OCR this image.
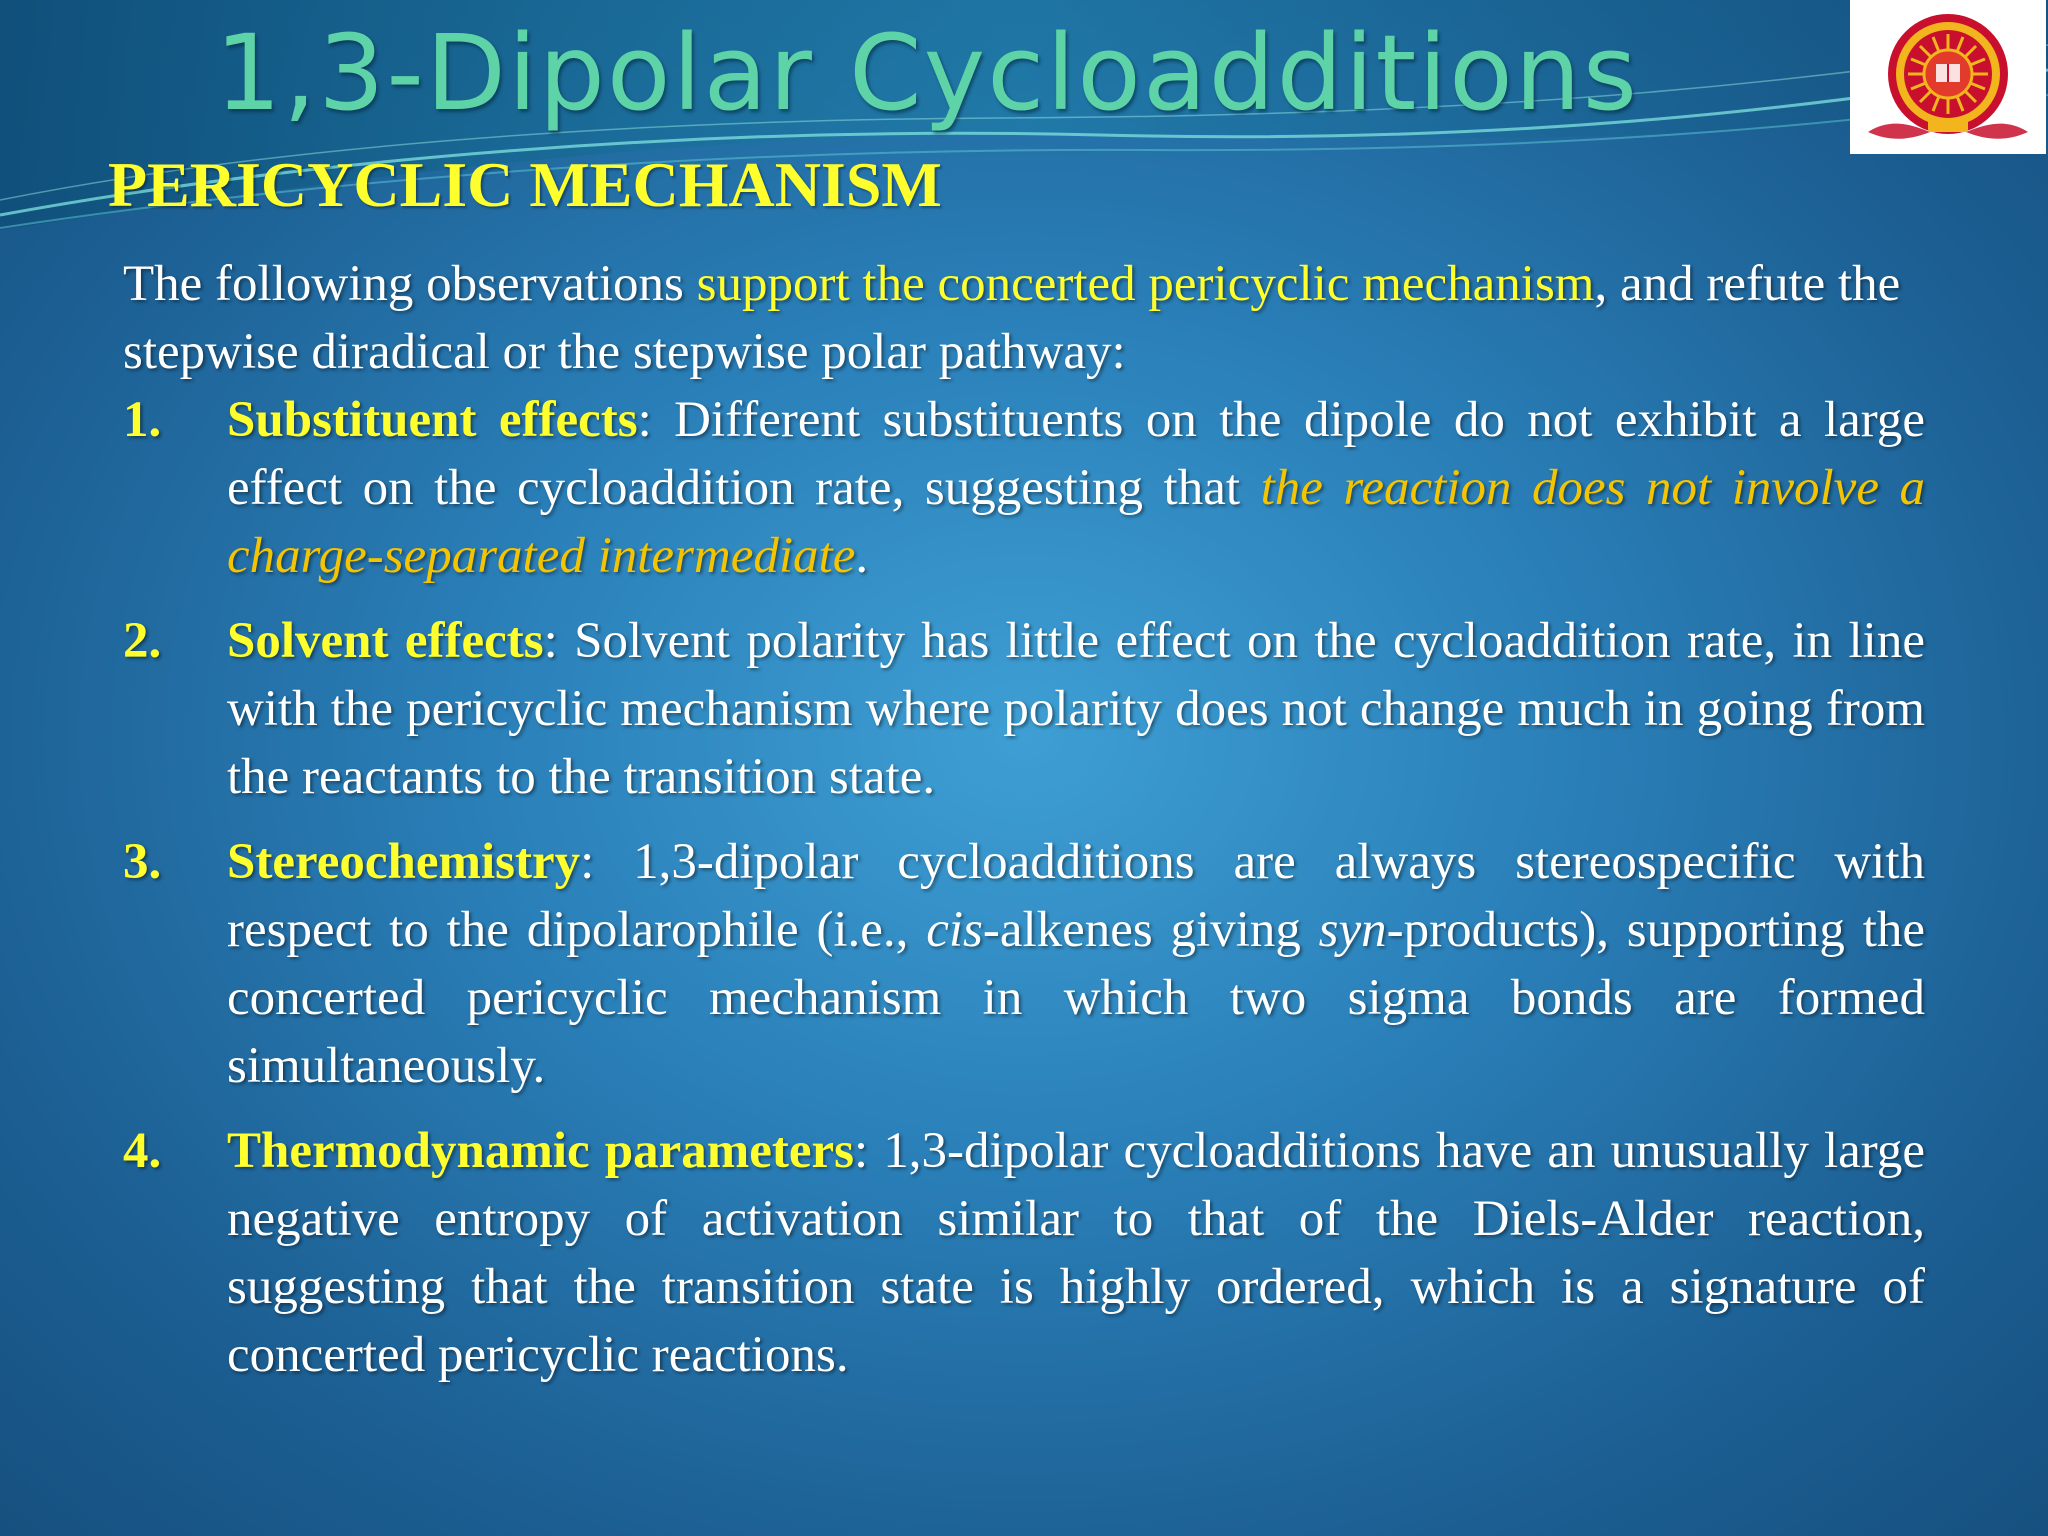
1,3-Dipolar Cycloadditions
PERICYCLIC MECHANISM

The following observations support the concerted pericyclic mechanism, and refute the stepwise diradical or the stepwise polar pathway:

1. Substituent effects: Different substituents on the dipole do not exhibit a large effect on the cycloaddition rate, suggesting that the reaction does not involve a charge-separated intermediate.
2. Solvent effects: Solvent polarity has little effect on the cycloaddition rate, in line with the pericyclic mechanism where polarity does not change much in going from the reactants to the transition state.
3. Stereochemistry: 1,3-dipolar cycloadditions are always stereospecific with respect to the dipolarophile (i.e., cis-alkenes giving syn-products), supporting the concerted pericyclic mechanism in which two sigma bonds are formed simultaneously.
4. Thermodynamic parameters: 1,3-dipolar cycloadditions have an unusually large negative entropy of activation similar to that of the Diels-Alder reaction, suggesting that the transition state is highly ordered, which is a signature of concerted pericyclic reactions.
